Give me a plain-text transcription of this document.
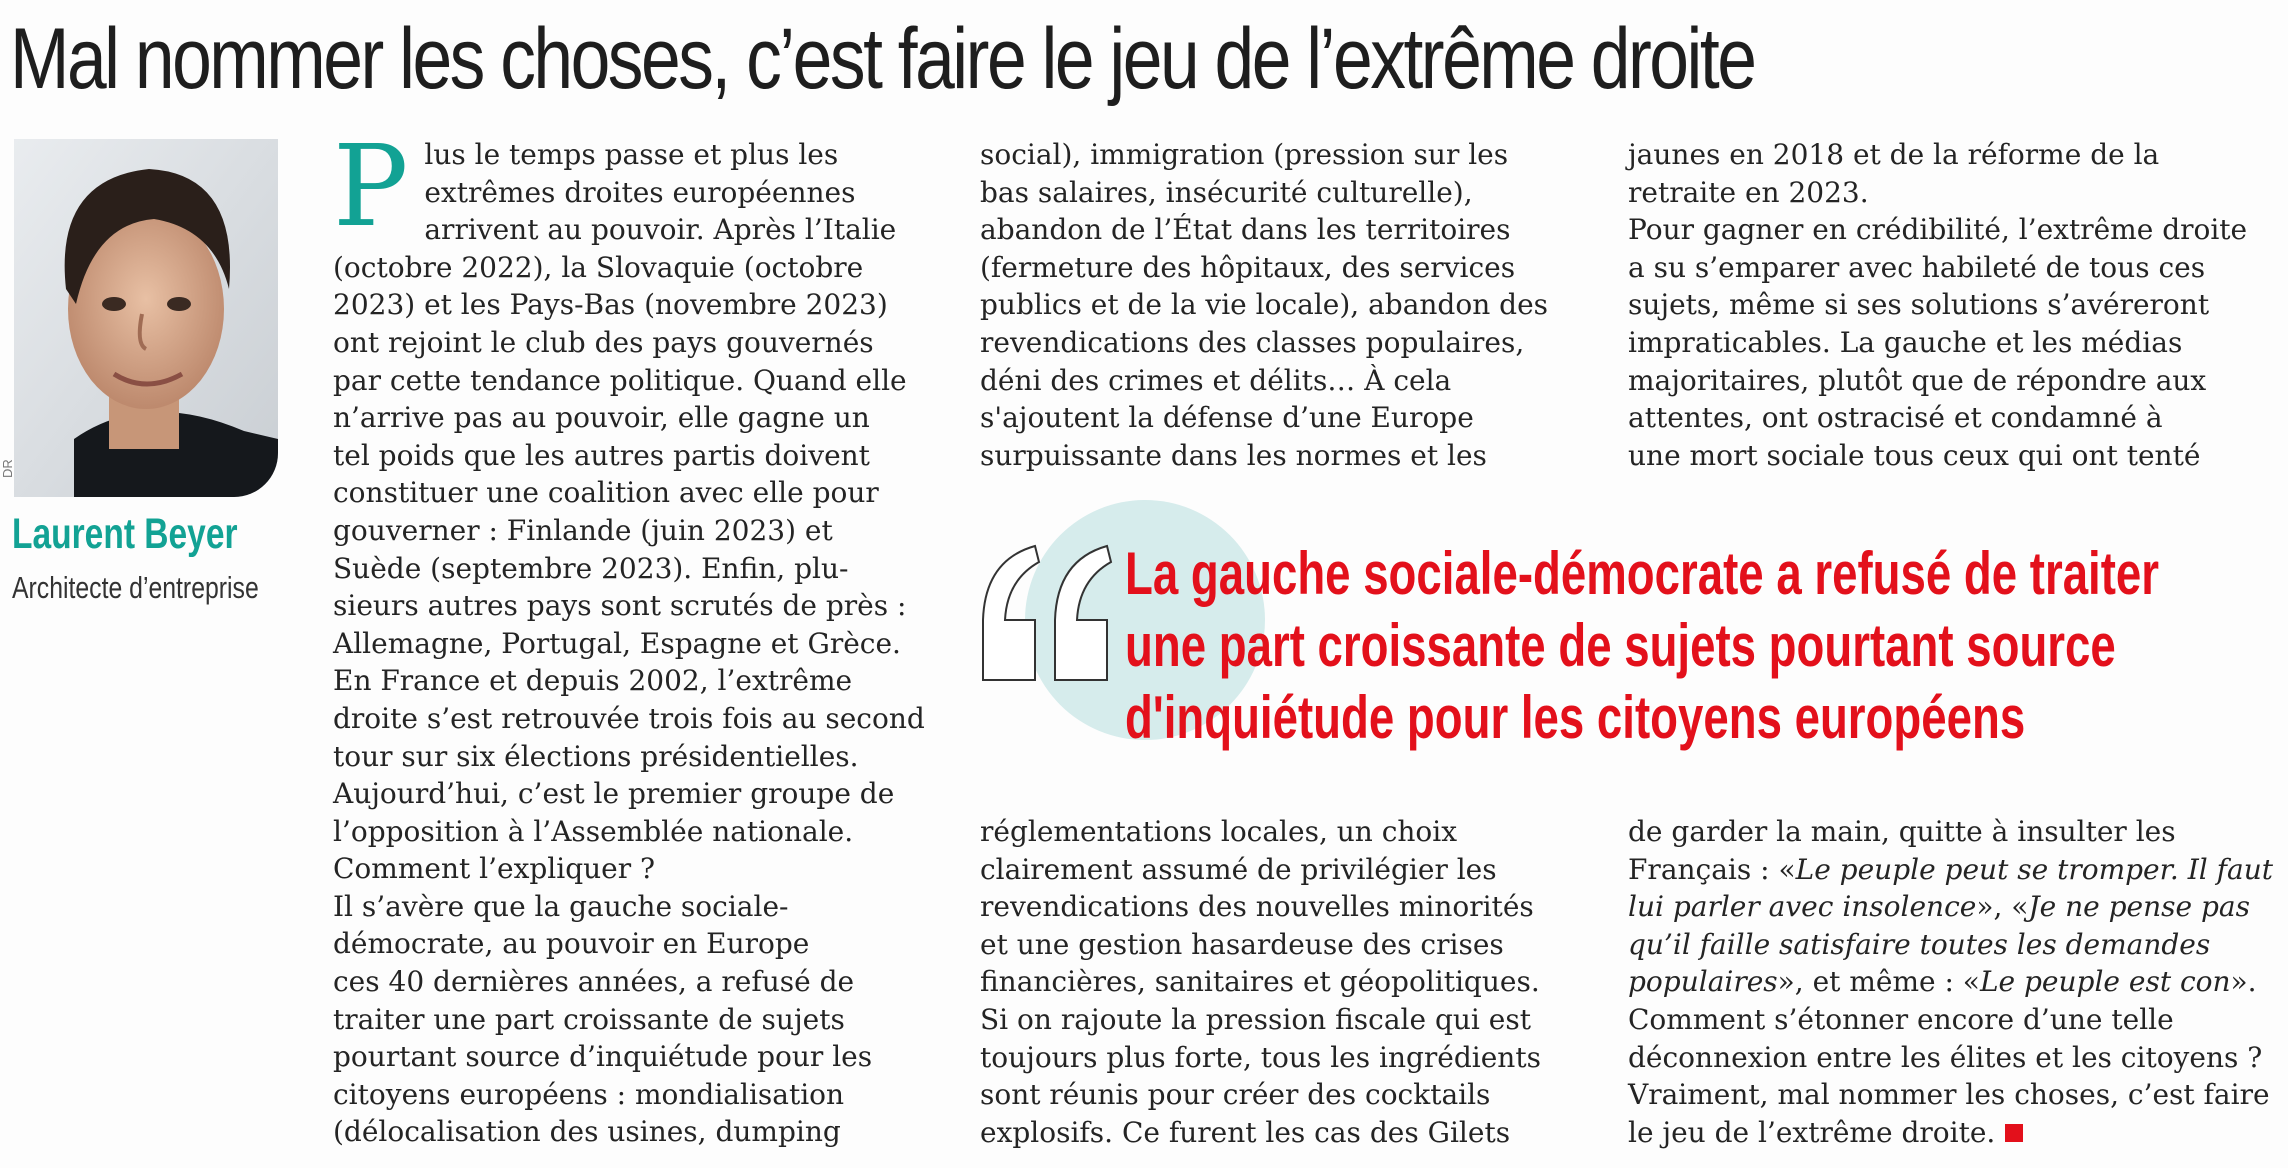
Mal nommer les choses, c’est faire le jeu de l’extrême droite
DR
Laurent Beyer
Architecte d’entreprise
P lus le temps passe et plus les
extrêmes droites européennes
arrivent au pouvoir. Après l’Italie
(octobre 2022), la Slovaquie (octobre
2023) et les Pays-Bas (novembre 2023)
ont rejoint le club des pays gouvernés
par cette tendance politique. Quand elle
n’arrive pas au pouvoir, elle gagne un
tel poids que les autres partis doivent
constituer une coalition avec elle pour
gouverner : Finlande (juin 2023) et
Suède (septembre 2023). Enfin, plu-
sieurs autres pays sont scrutés de près :
Allemagne, Portugal, Espagne et Grèce.
En France et depuis 2002, l’extrême
droite s’est retrouvée trois fois au second
tour sur six élections présidentielles.
Aujourd’hui, c’est le premier groupe de
l’opposition à l’Assemblée nationale.
Comment l’expliquer ?
Il s’avère que la gauche sociale-
démocrate, au pouvoir en Europe
ces 40 dernières années, a refusé de
traiter une part croissante de sujets
pourtant source d’inquiétude pour les
citoyens européens : mondialisation
(délocalisation des usines, dumping
social), immigration (pression sur les
bas salaires, insécurité culturelle),
abandon de l’État dans les territoires
(fermeture des hôpitaux, des services
publics et de la vie locale), abandon des
revendications des classes populaires,
déni des crimes et délits… À cela
s'ajoutent la défense d’une Europe
surpuissante dans les normes et les
réglementations locales, un choix
clairement assumé de privilégier les
revendications des nouvelles minorités
et une gestion hasardeuse des crises
financières, sanitaires et géopolitiques.
Si on rajoute la pression fiscale qui est
toujours plus forte, tous les ingrédients
sont réunis pour créer des cocktails
explosifs. Ce furent les cas des Gilets
jaunes en 2018 et de la réforme de la
retraite en 2023.
Pour gagner en crédibilité, l’extrême droite
a su s’emparer avec habileté de tous ces
sujets, même si ses solutions s’avéreront
impraticables. La gauche et les médias
majoritaires, plutôt que de répondre aux
attentes, ont ostracisé et condamné à
une mort sociale tous ceux qui ont tenté
de garder la main, quitte à insulter les
Français : «Le peuple peut se tromper. Il faut
lui parler avec insolence», «Je ne pense pas
qu’il faille satisfaire toutes les demandes
populaires», et même : «Le peuple est con».
Comment s’étonner encore d’une telle
déconnexion entre les élites et les citoyens ?
Vraiment, mal nommer les choses, c’est faire
le jeu de l’extrême droite.
La gauche sociale-démocrate a refusé de traiter
une part croissante de sujets pourtant source
d'inquiétude pour les citoyens européens
